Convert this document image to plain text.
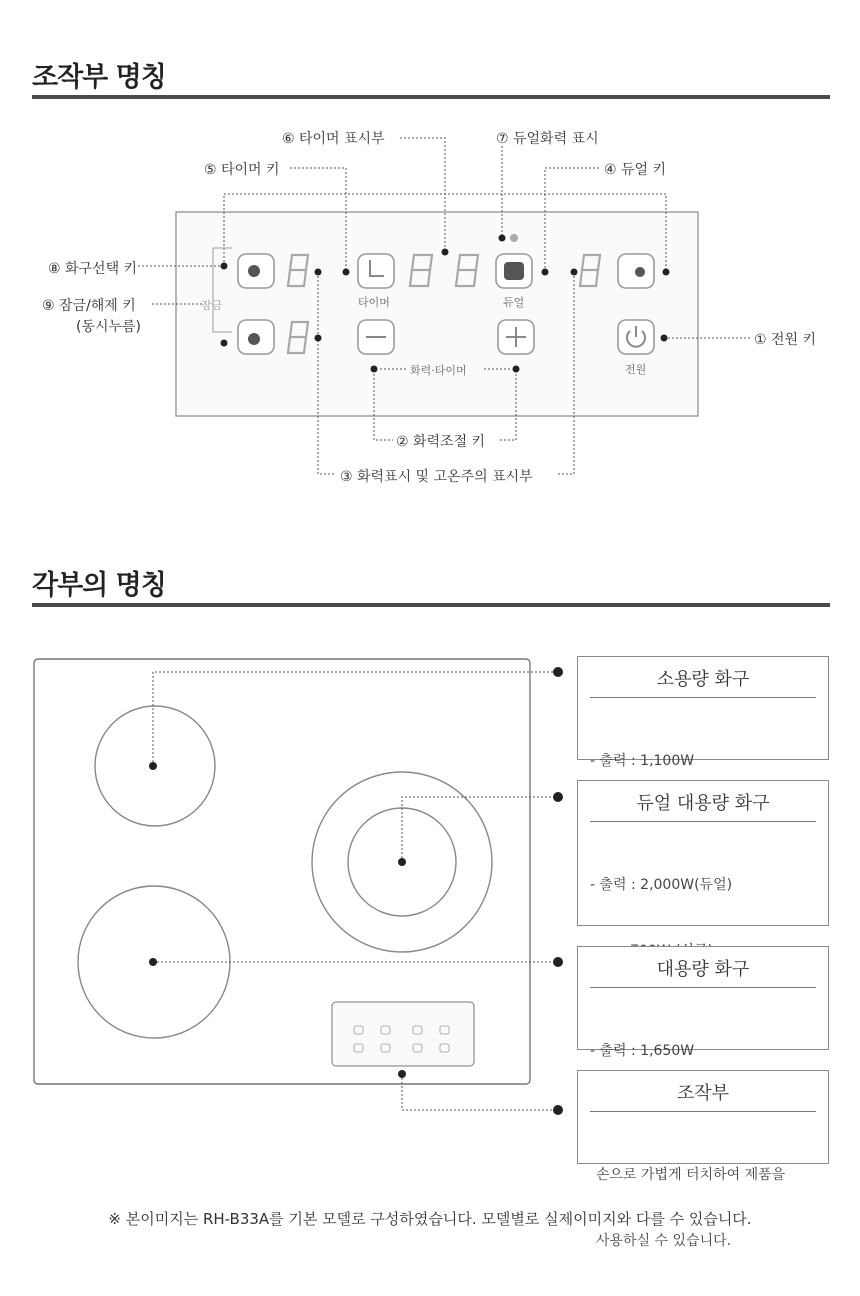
조작부 명칭
⑥ 타이머 표시부	⑦ 듀얼화력 표시
⑤ 타이머 키	④ 듀얼 키
⑧ 화구선택 키
⑨ 잠금/해제 키
(동시누름)
① 전원 키
② 화력조절 키
③ 화력표시 및 고온주의 표시부
타이머	듀얼
전원
화력·타이머
잠금
각부의 명칭
소용량 화구

- 출력 : 1,100W

듀얼 대용량 화구

- 출력 : 2,000W(듀얼)

대용량 화구

- 출력 : 1,650W

조작부

손으로 가볍게 터치하여 제품을

사용하실 수 있습니다.

※ 본이미지는 RH-B33A를 기본 모델로 구성하였습니다. 모델별로 실제이미지와 다를 수 있습니다.
